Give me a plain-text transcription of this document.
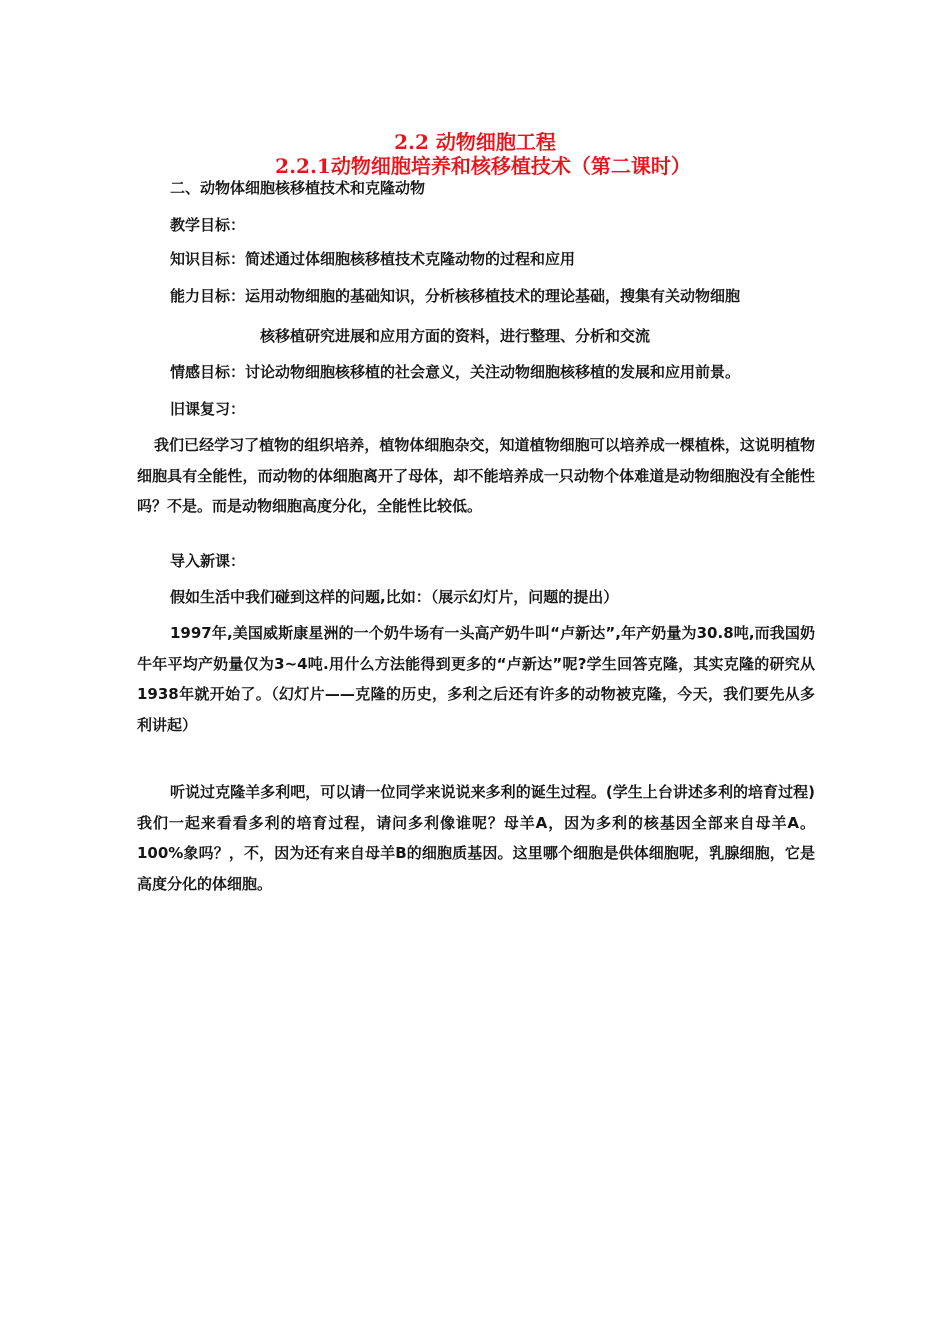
2.2 动物细胞工程
2.2.1动物细胞培养和核移植技术（第二课时）
二、动物体细胞核移植技术和克隆动物
教学目标：
知识目标：简述通过体细胞核移植技术克隆动物的过程和应用
能力目标：运用动物细胞的基础知识，分析核移植技术的理论基础，搜集有关动物细胞
核移植研究进展和应用方面的资料，进行整理、分析和交流
情感目标：讨论动物细胞核移植的社会意义，关注动物细胞核移植的发展和应用前景。
旧课复习：
我们已经学习了植物的组织培养，植物体细胞杂交，知道植物细胞可以培养成一棵植株，这说明植物细胞具有全能性，而动物的体细胞离开了母体，却不能培养成一只动物个体难道是动物细胞没有全能性吗？不是。而是动物细胞高度分化，全能性比较低。
导入新课：
假如生活中我们碰到这样的问题,比如：（展示幻灯片，问题的提出）
1997年,美国威斯康星洲的一个奶牛场有一头高产奶牛叫“卢新达”,年产奶量为30.8吨,而我国奶牛年平均产奶量仅为3~4吨.用什么方法能得到更多的“卢新达”呢?学生回答克隆，其实克隆的研究从1938年就开始了。（幻灯片——克隆的历史，多利之后还有许多的动物被克隆，今天，我们要先从多利讲起）
听说过克隆羊多利吧，可以请一位同学来说说来多利的诞生过程。(学生上台讲述多利的培育过程)我们一起来看看多利的培育过程，请问多利像谁呢？母羊A，因为多利的核基因全部来自母羊A。100%象吗？，不，因为还有来自母羊B的细胞质基因。这里哪个细胞是供体细胞呢，乳腺细胞，它是高度分化的体细胞。
